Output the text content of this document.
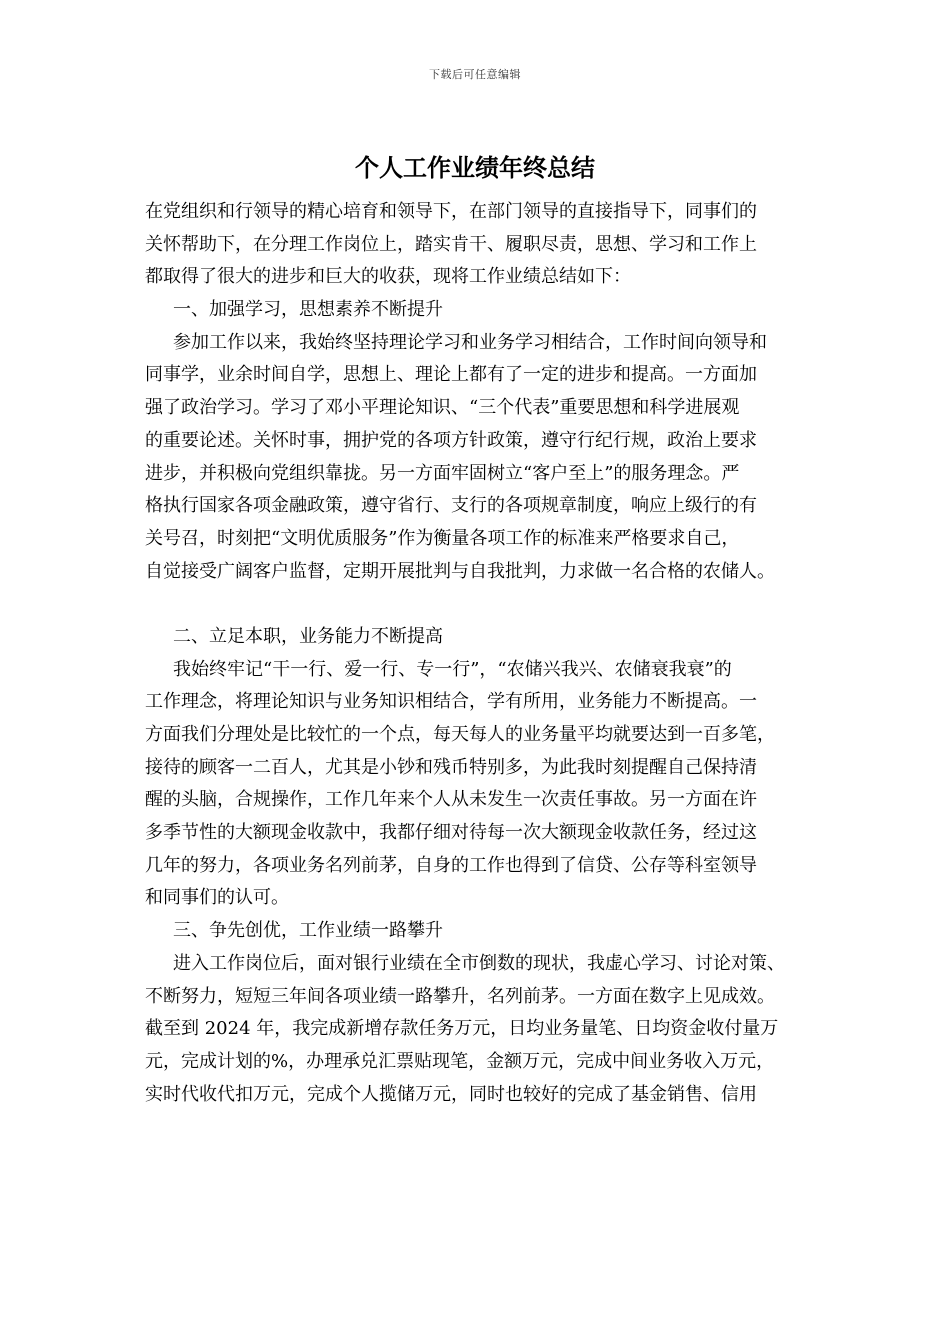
下载后可任意编辑
个人工作业绩年终总结
在党组织和行领导的精心培育和领导下，在部门领导的直接指导下，同事们的
关怀帮助下，在分理工作岗位上，踏实肯干、履职尽责，思想、学习和工作上
都取得了很大的进步和巨大的收获，现将工作业绩总结如下：
一、加强学习，思想素养不断提升
参加工作以来，我始终坚持理论学习和业务学习相结合，工作时间向领导和
同事学，业余时间自学，思想上、理论上都有了一定的进步和提高。一方面加
强了政治学习。学习了邓小平理论知识、“三个代表”重要思想和科学进展观
的重要论述。关怀时事，拥护党的各项方针政策，遵守行纪行规，政治上要求
进步，并积极向党组织靠拢。另一方面牢固树立“客户至上”的服务理念。严
格执行国家各项金融政策，遵守省行、支行的各项规章制度，响应上级行的有
关号召，时刻把“文明优质服务”作为衡量各项工作的标准来严格要求自己，
自觉接受广阔客户监督，定期开展批判与自我批判，力求做一名合格的农储人。
二、立足本职，业务能力不断提高
我始终牢记“干一行、爱一行、专一行”，“农储兴我兴、农储衰我衰”的
工作理念，将理论知识与业务知识相结合，学有所用，业务能力不断提高。一
方面我们分理处是比较忙的一个点，每天每人的业务量平均就要达到一百多笔，
接待的顾客一二百人，尤其是小钞和残币特别多，为此我时刻提醒自己保持清
醒的头脑，合规操作，工作几年来个人从未发生一次责任事故。另一方面在许
多季节性的大额现金收款中，我都仔细对待每一次大额现金收款任务，经过这
几年的努力，各项业务名列前茅，自身的工作也得到了信贷、公存等科室领导
和同事们的认可。
三、争先创优，工作业绩一路攀升
进入工作岗位后，面对银行业绩在全市倒数的现状，我虚心学习、讨论对策、
不断努力，短短三年间各项业绩一路攀升，名列前茅。一方面在数字上见成效。
截至到 2024 年，我完成新增存款任务万元，日均业务量笔、日均资金收付量万
元，完成计划的%，办理承兑汇票贴现笔，金额万元，完成中间业务收入万元，
实时代收代扣万元，完成个人揽储万元，同时也较好的完成了基金销售、信用
